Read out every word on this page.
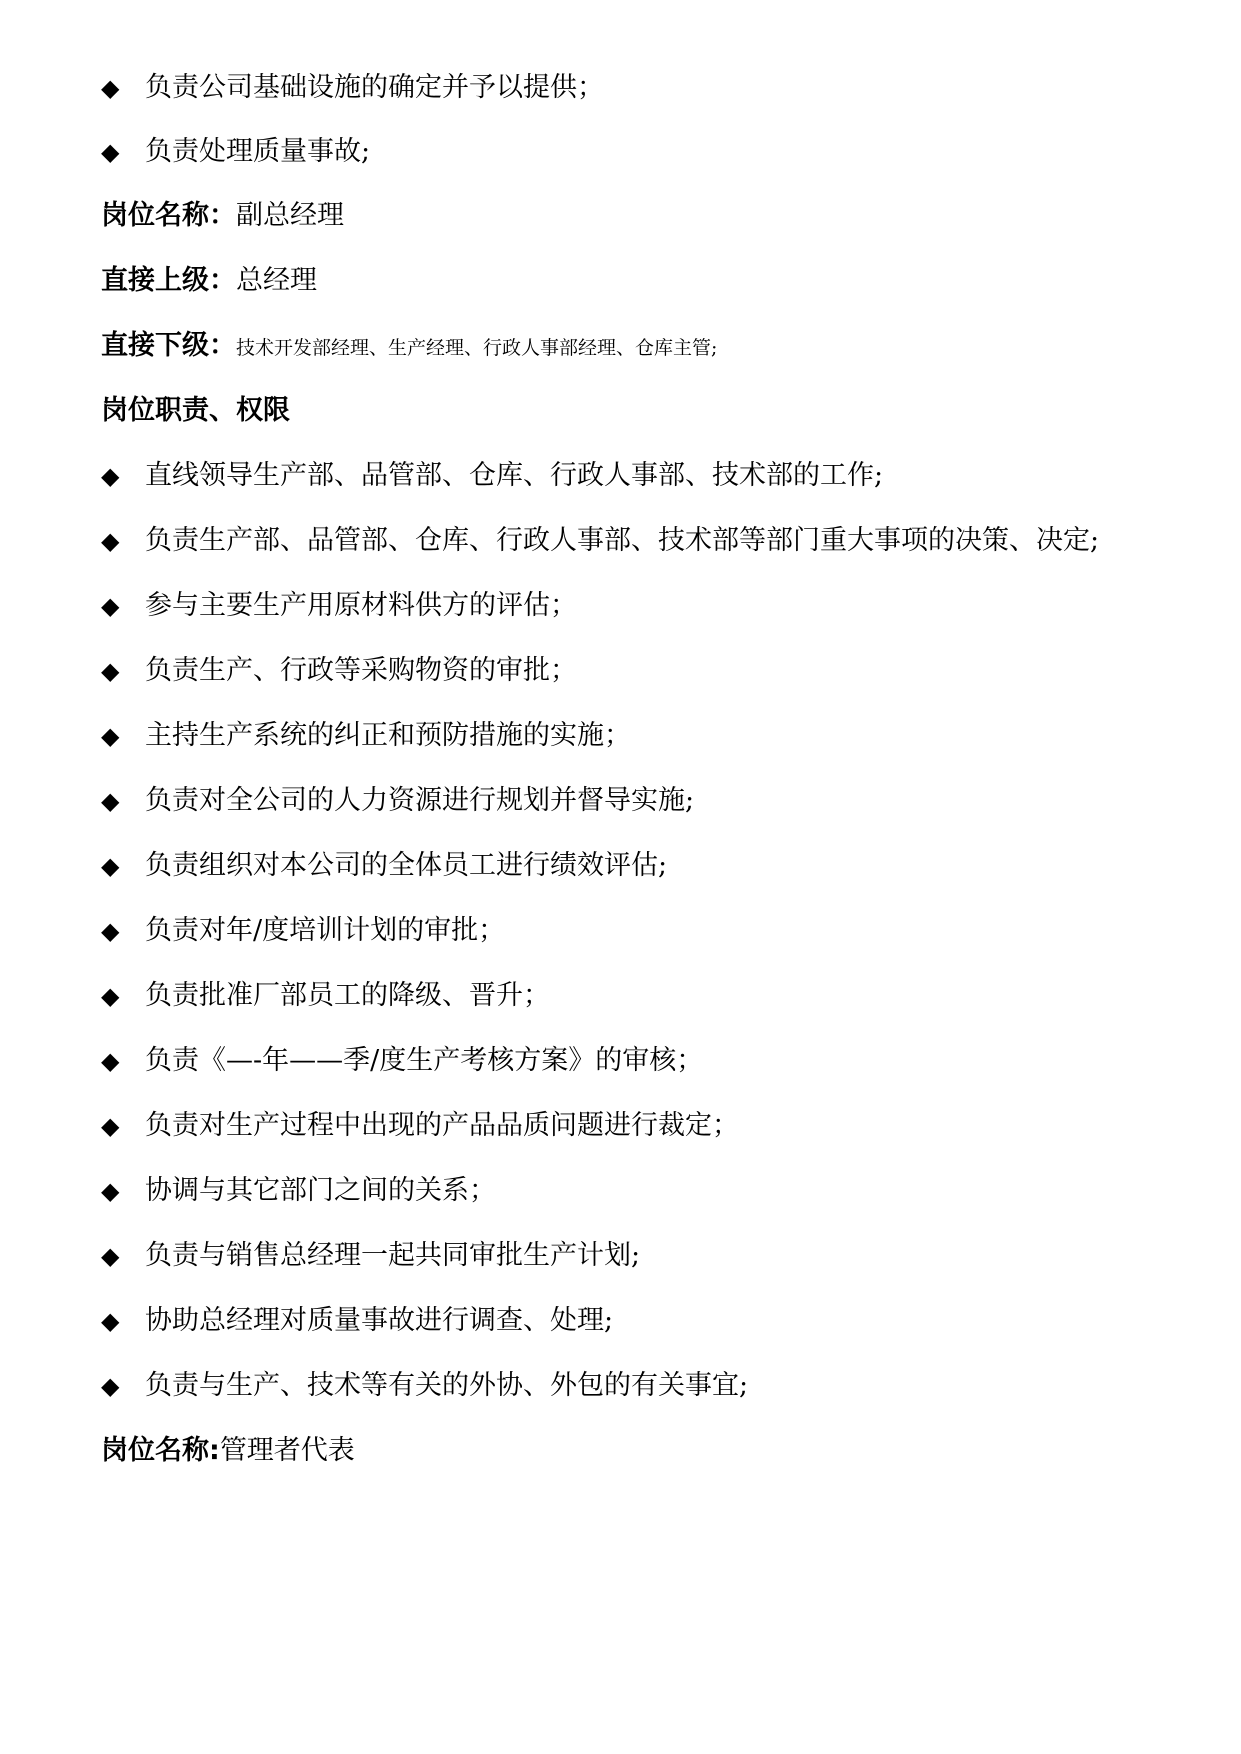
◆ 负责公司基础设施的确定并予以提供；
◆ 负责处理质量事故;
岗位名称：副总经理
直接上级：总经理
直接下级：技术开发部经理、生产经理、行政人事部经理、仓库主管;
岗位职责、权限
◆ 直线领导生产部、品管部、仓库、行政人事部、技术部的工作;
◆ 负责生产部、品管部、仓库、行政人事部、技术部等部门重大事项的决策、决定;
◆ 参与主要生产用原材料供方的评估；
◆ 负责生产、行政等采购物资的审批；
◆ 主持生产系统的纠正和预防措施的实施；
◆ 负责对全公司的人力资源进行规划并督导实施;
◆ 负责组织对本公司的全体员工进行绩效评估;
◆ 负责对年/度培训计划的审批；
◆ 负责批准厂部员工的降级、晋升；
◆ 负责《—-年——季/度生产考核方案》的审核；
◆ 负责对生产过程中出现的产品品质问题进行裁定；
◆ 协调与其它部门之间的关系；
◆ 负责与销售总经理一起共同审批生产计划;
◆ 协助总经理对质量事故进行调查、处理;
◆ 负责与生产、技术等有关的外协、外包的有关事宜;
岗位名称:管理者代表
